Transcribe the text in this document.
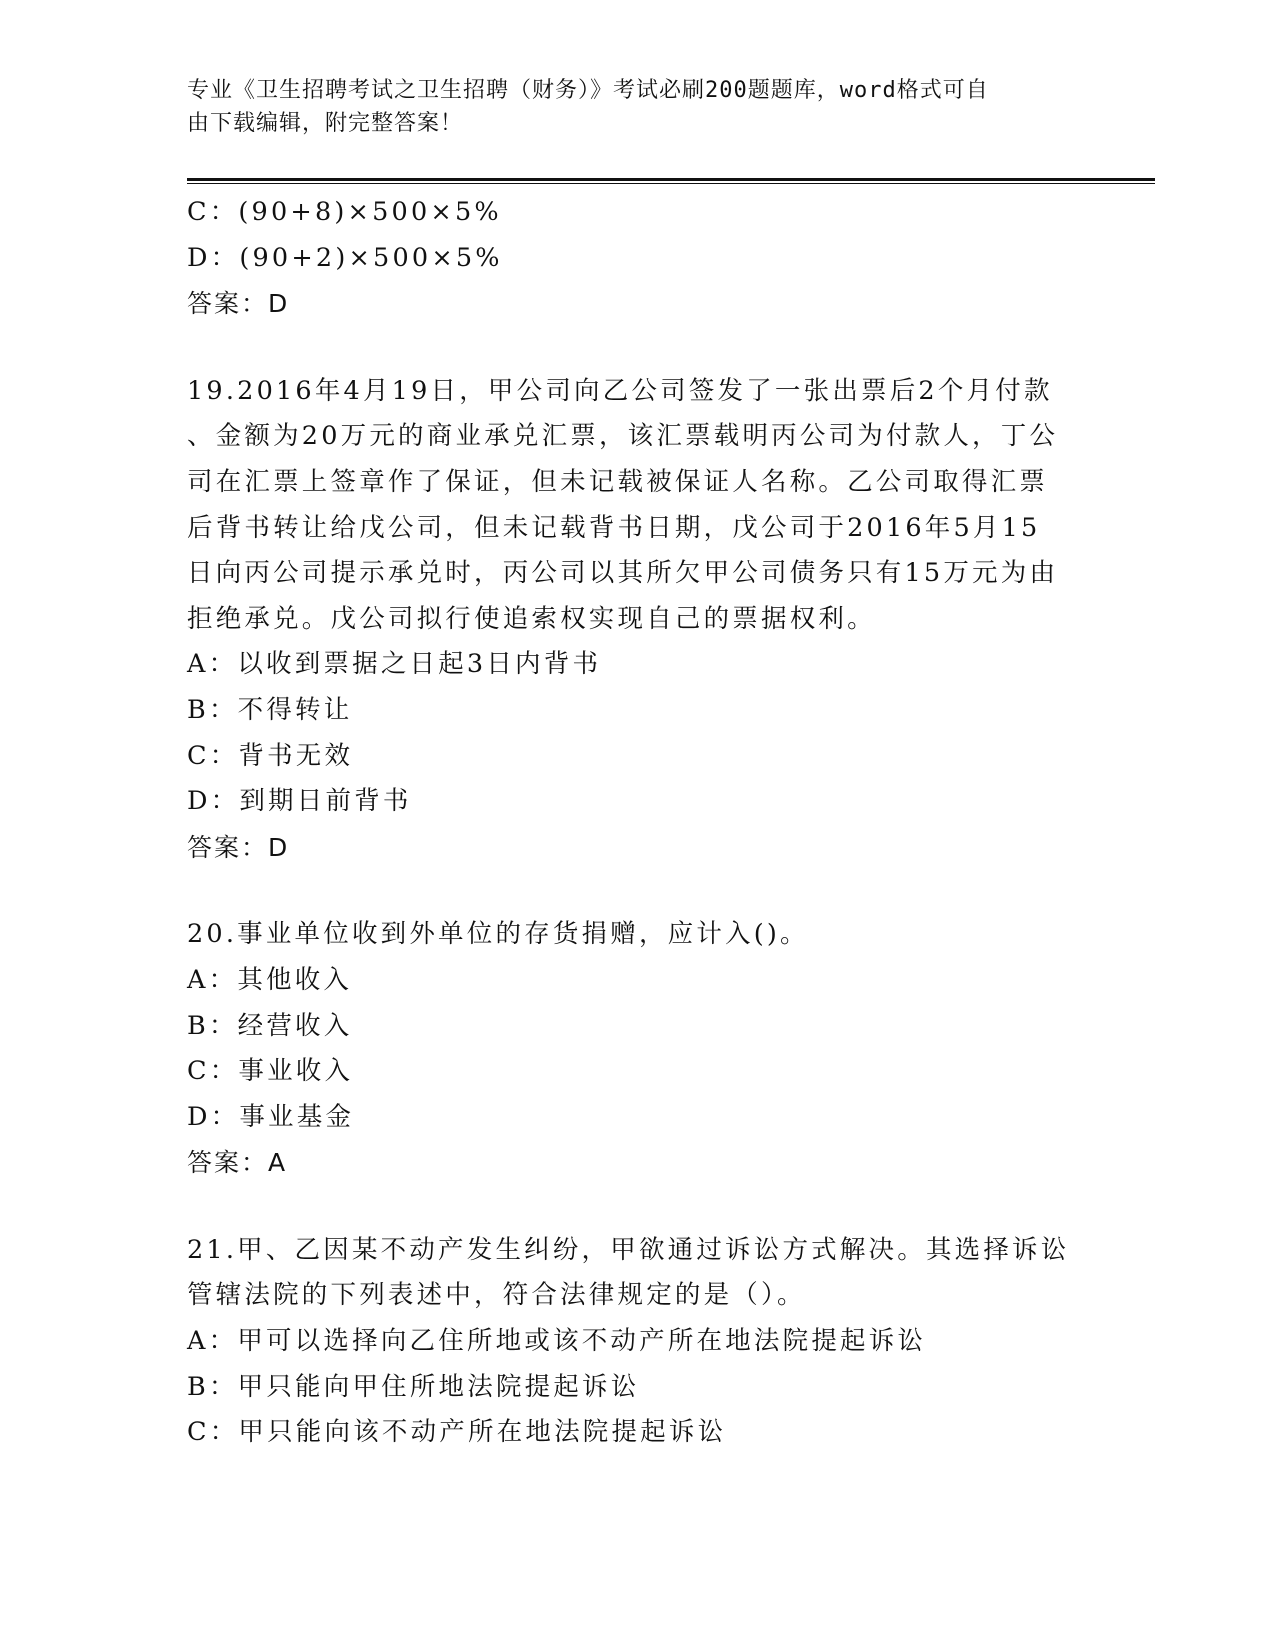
专业《卫生招聘考试之卫生招聘（财务）》考试必刷200题题库，word格式可自
由下载编辑，附完整答案！

C：(90+8)×500×5%

D：(90+2)×500×5%

答案：D

19.2016年4月19日，甲公司向乙公司签发了一张出票后2个月付款

、金额为20万元的商业承兑汇票，该汇票载明丙公司为付款人，丁公

司在汇票上签章作了保证，但未记载被保证人名称。乙公司取得汇票

后背书转让给戊公司，但未记载背书日期，戊公司于2016年5月15

日向丙公司提示承兑时，丙公司以其所欠甲公司债务只有15万元为由

拒绝承兑。戊公司拟行使追索权实现自己的票据权利。

A：以收到票据之日起3日内背书

B：不得转让

C：背书无效

D：到期日前背书

答案：D

20.事业单位收到外单位的存货捐赠，应计入()。

A：其他收入

B：经营收入

C：事业收入

D：事业基金

答案：A

21.甲、乙因某不动产发生纠纷，甲欲通过诉讼方式解决。其选择诉讼

管辖法院的下列表述中，符合法律规定的是（）。

A：甲可以选择向乙住所地或该不动产所在地法院提起诉讼

B：甲只能向甲住所地法院提起诉讼

C：甲只能向该不动产所在地法院提起诉讼
